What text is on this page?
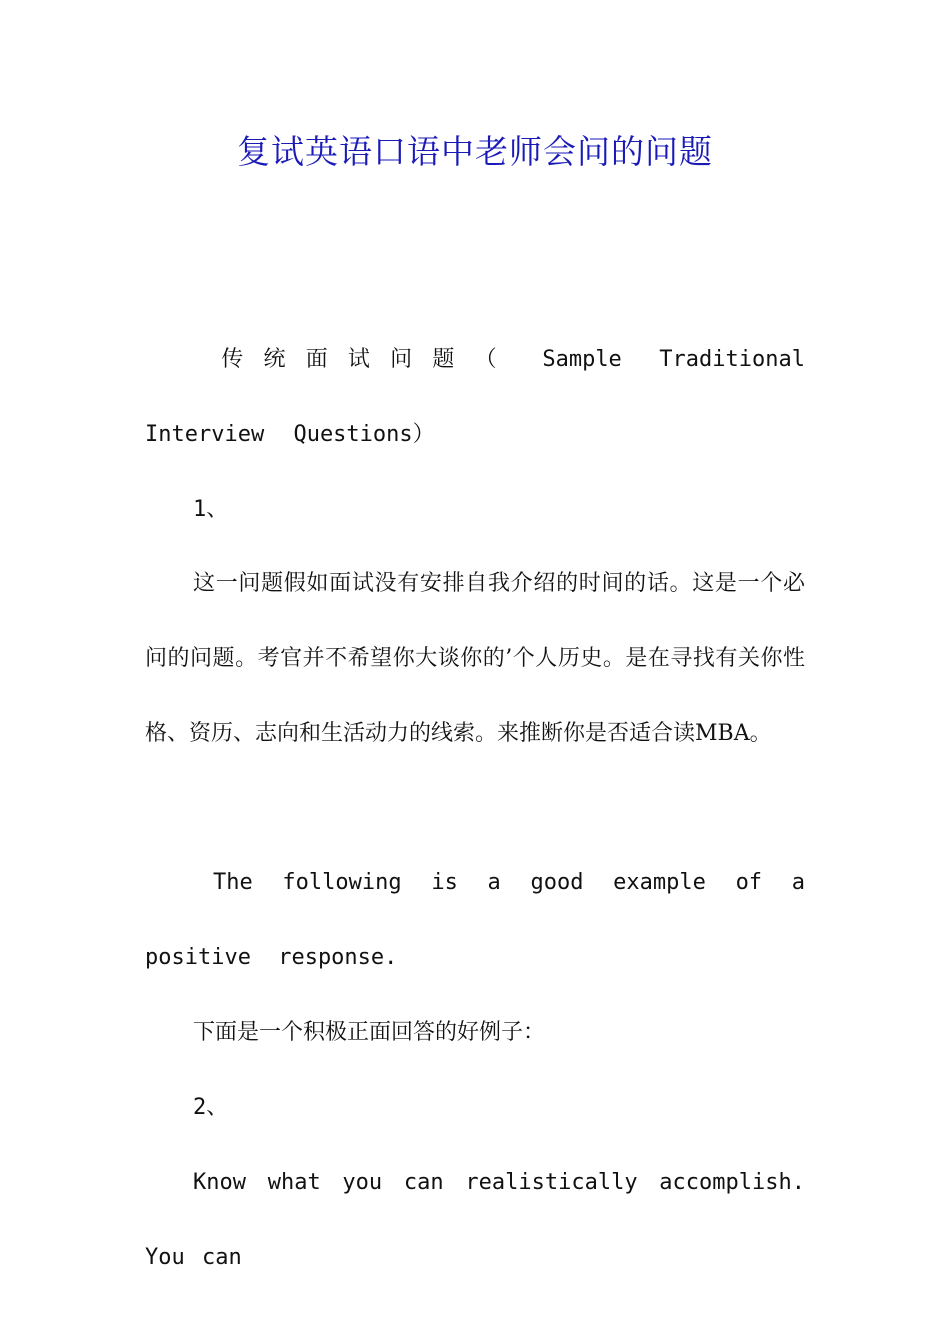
复试英语口语中老师会问的问题

传统面试问题（ Sample Traditional Interview Questions）

1、

这一问题假如面试没有安排自我介绍的时间的话。这是一个必问的问题。考官并不希望你大谈你的’个人历史。是在寻找有关你性格、资历、志向和生活动力的线索。来推断你是否适合读MBA。

The following is a good example of a positive response.

下面是一个积极正面回答的好例子：

2、

Know what you can realistically accomplish. You can
